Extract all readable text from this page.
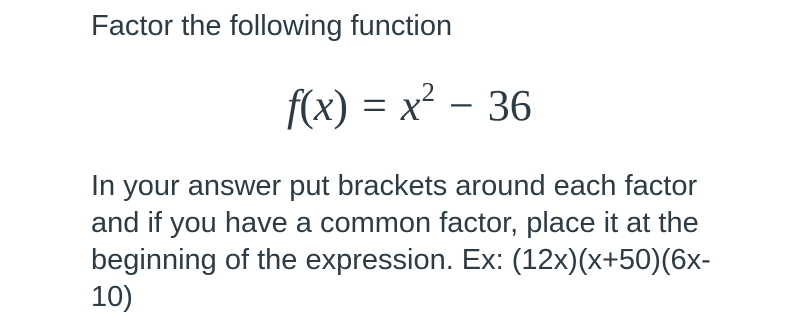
Factor the following function
$f(x) = x^2 - 36$

In your answer put brackets around each factor
and if you have a common factor, place it at the
beginning of the expression. Ex: (12x)(x+50)(6x-
10)
